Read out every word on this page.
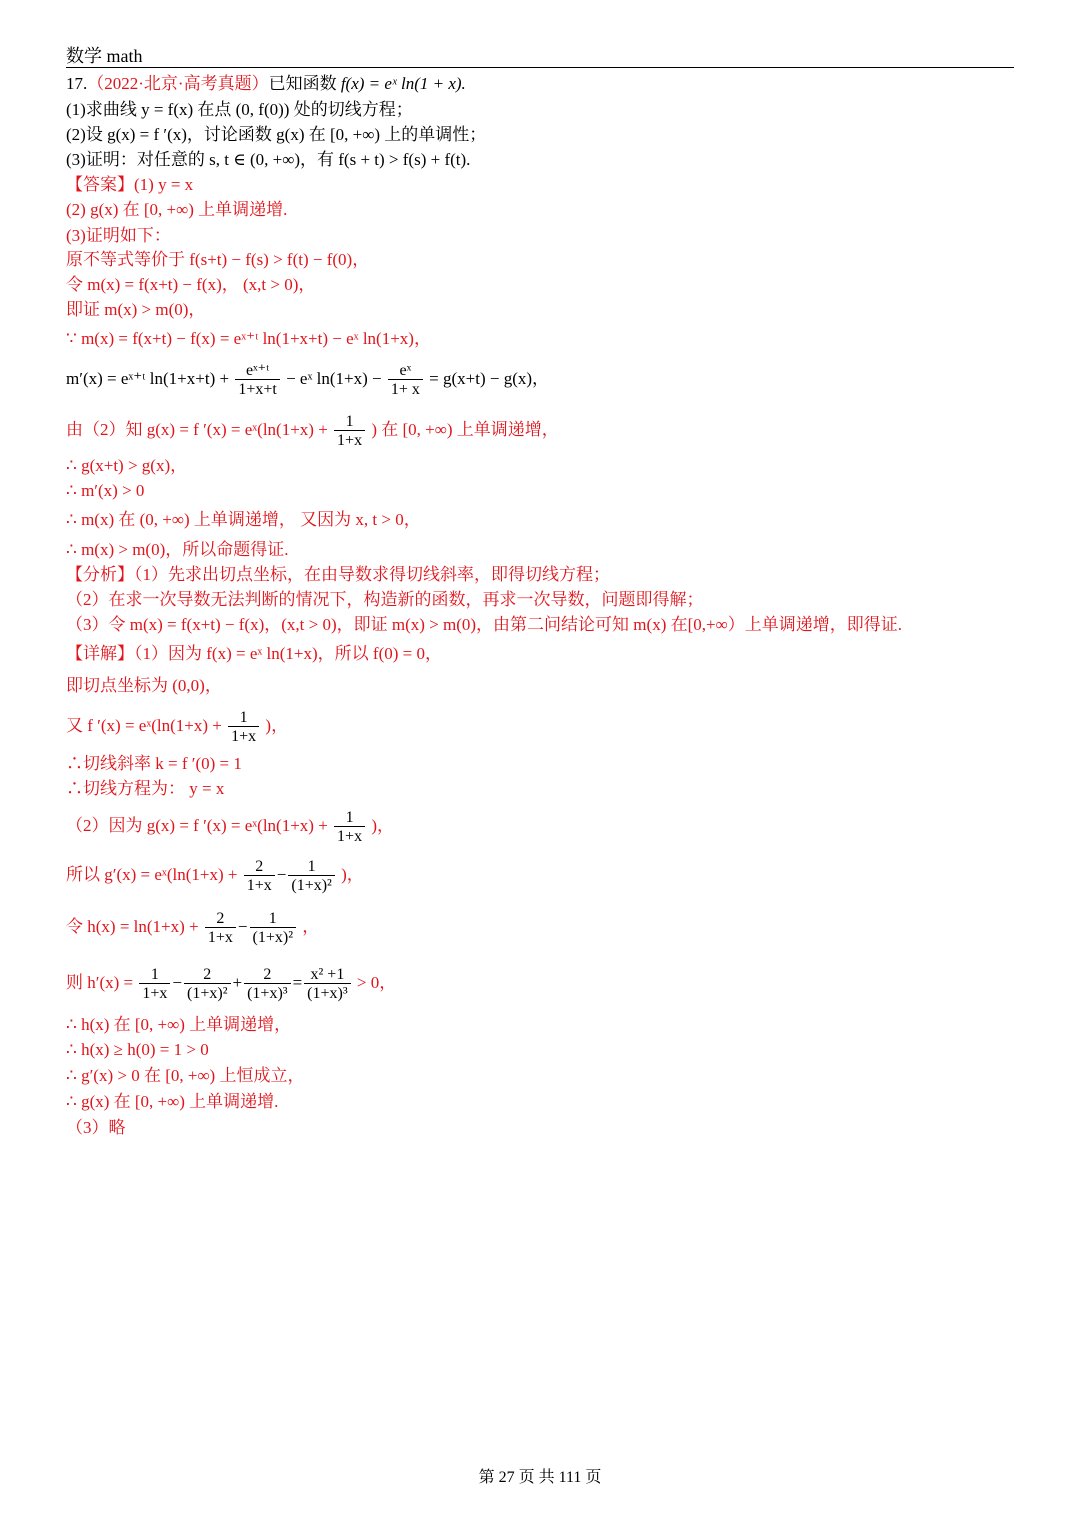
数学 math
17.（2022·北京·高考真题）已知函数 f(x) = eˣ ln(1 + x).
(1)求曲线 y = f(x) 在点 (0, f(0)) 处的切线方程；
(2)设 g(x) = f ′(x)，讨论函数 g(x) 在 [0, +∞) 上的单调性；
(3)证明：对任意的 s, t ∈ (0, +∞)，有 f(s + t) > f(s) + f(t).
【答案】(1) y = x
(2) g(x) 在 [0, +∞) 上单调递增.
(3)证明如下：
原不等式等价于 f(s+t) − f(s) > f(t) − f(0)，
令 m(x) = f(x+t) − f(x)， (x,t > 0)，
即证 m(x) > m(0)，
∵ m(x) = f(x+t) − f(x) = eˣ⁺ᵗ ln(1+x+t) − eˣ ln(1+x)，
m′(x) = eˣ⁺ᵗ $\ln(1+x+t) + \frac{\text{eˣ⁺ᵗ}}{1+x+t}$ − eˣ $\ln(1+x) - \frac{\text{eˣ}}{1+ x} = g(x+t) - g(x)$，
由（2）知 g(x) = f ′(x) = eˣ(ln(1+x) + $\frac{1}{1+x}$ ) 在 [0, +∞) 上单调递增，
∴ g(x+t) > g(x)，
∴ m′(x) > 0
∴ m(x) 在 (0, +∞) 上单调递增， 又因为 x, t > 0，
∴ m(x) > m(0)，所以命题得证.
【分析】（1）先求出切点坐标，在由导数求得切线斜率，即得切线方程；
（2）在求一次导数无法判断的情况下，构造新的函数，再求一次导数，问题即得解；
（3）令 m(x) = f(x+t) − f(x)，(x,t > 0)，即证 m(x) > m(0)，由第二问结论可知 m(x) 在[0,+∞）上单调递增，即得证.
【详解】（1）因为 f(x) = eˣ ln(1+x)，所以 f(0) = 0，
即切点坐标为 (0,0)，
又 f ′(x) = eˣ(ln(1+x) + $\frac{1}{1+x}$ )，
∴切线斜率 k = f ′(0) = 1
∴切线方程为： y = x
（2）因为 g(x) = f ′(x) = eˣ(ln(1+x) + $\frac{1}{1+x}$ )，
所以 g′(x) = eˣ(ln(1+x) + $\frac{2}{1+x} - \frac{1}{\text{(1+x)²}}$ )，
令 $h(x) = \ln(1+x) + \frac{2}{1+x} - \frac{1}{\text{(1+x)²}}$ ，
则 $h'(x) = \frac{1}{1+x} - \frac{2}{\text{(1+x)²}} + \frac{2}{\text{(1+x)³}} = \frac{\text{x² +1}}{\text{(1+x)³}} > 0$，
∴ h(x) 在 [0, +∞) 上单调递增，
∴ h(x) ≥ h(0) = 1 > 0
∴ g′(x) > 0 在 [0, +∞) 上恒成立，
∴ g(x) 在 [0, +∞) 上单调递增.
（3）略
第 27 页 共 111 页
